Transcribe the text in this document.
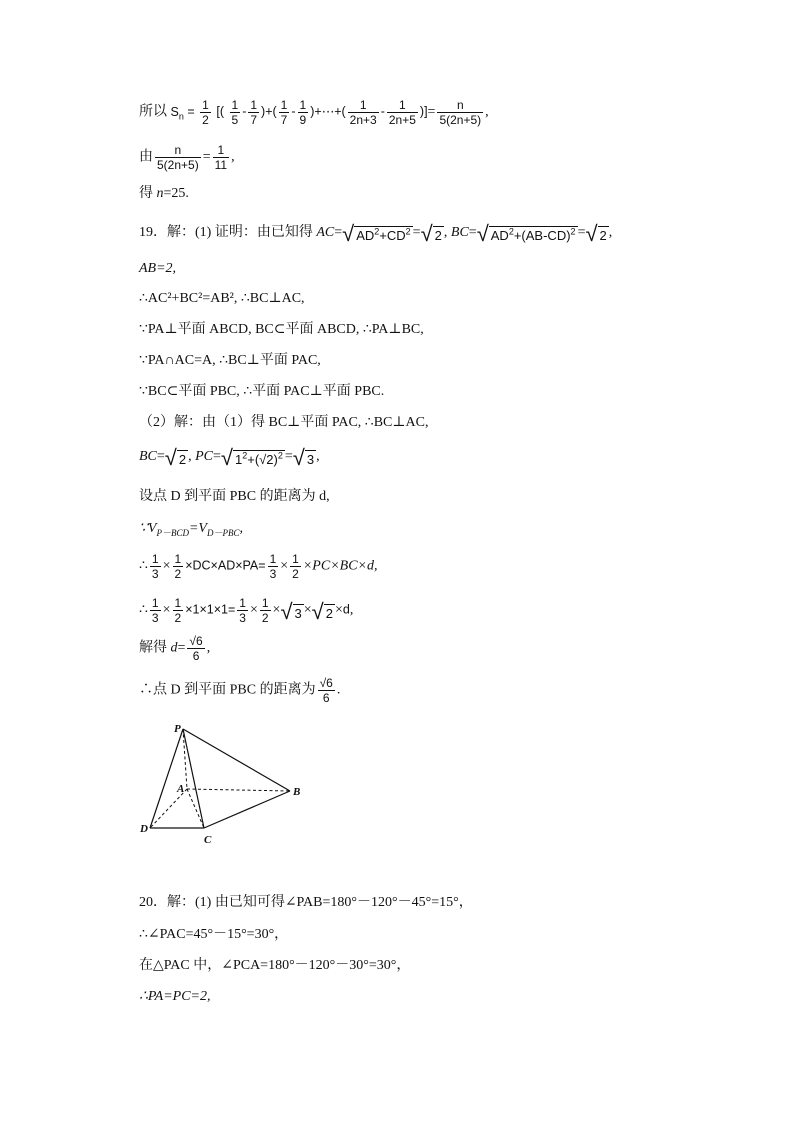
所以 $S_n = \frac{1}{2}$ [( $\frac{1}{5} - \frac{1}{7}$ )+( $\frac{1}{7} - \frac{1}{9}$ )+⋯+( $\frac{1}{2n+3} - \frac{1}{2n+5}$ )]= $\frac{n}{5(2n+5)}$ ,
由 $\frac{n}{5(2n+5)} = \frac{1}{11}$ ,
得 n=25.
19．解：(1) 证明：由已知得 AC=√ $AD^2+CD^2$ =√ 2 , BC=√ $AD^2+(AB-CD)^2$ =√ 2 ,
AB=2,
∴AC²+BC²=AB², ∴BC⊥AC,
∵PA⊥平面 ABCD, BC⊂平面 ABCD, ∴PA⊥BC,
∵PA∩AC=A, ∴BC⊥平面 PAC,
∵BC⊂平面 PBC, ∴平面 PAC⊥平面 PBC.
（2）解：由（1）得 BC⊥平面 PAC, ∴BC⊥AC,
BC=√ 2 , PC=√ $1^2+(√2)^2$ =√ 3 ,
设点 D 到平面 PBC 的距离为 d,
$\because V_{P-BCD}=V_{D-PBC}$,
∴ $\frac{1}{3} \times \frac{1}{2} \times DC\times AD\times PA= \frac{1}{3} \times \frac{1}{2} \times PC\times BC\times d$,
∴ $\frac{1}{3} \times \frac{1}{2} \times 1\times 1\times 1= \frac{1}{3} \times \frac{1}{2}$ ×√ 3 ×√ 2 ×d,
解得 $d= \frac{√6}{6}$ ,
∴点 D 到平面 PBC 的距离为 $\frac{√6}{6}$ .
P
A	B
C
D
20．解：(1) 由已知可得∠PAB=180°－120°－45°=15°，
∴∠PAC=45°－15°=30°，
在△PAC 中，∠PCA=180°－120°－30°=30°，
∴PA=PC=2,
